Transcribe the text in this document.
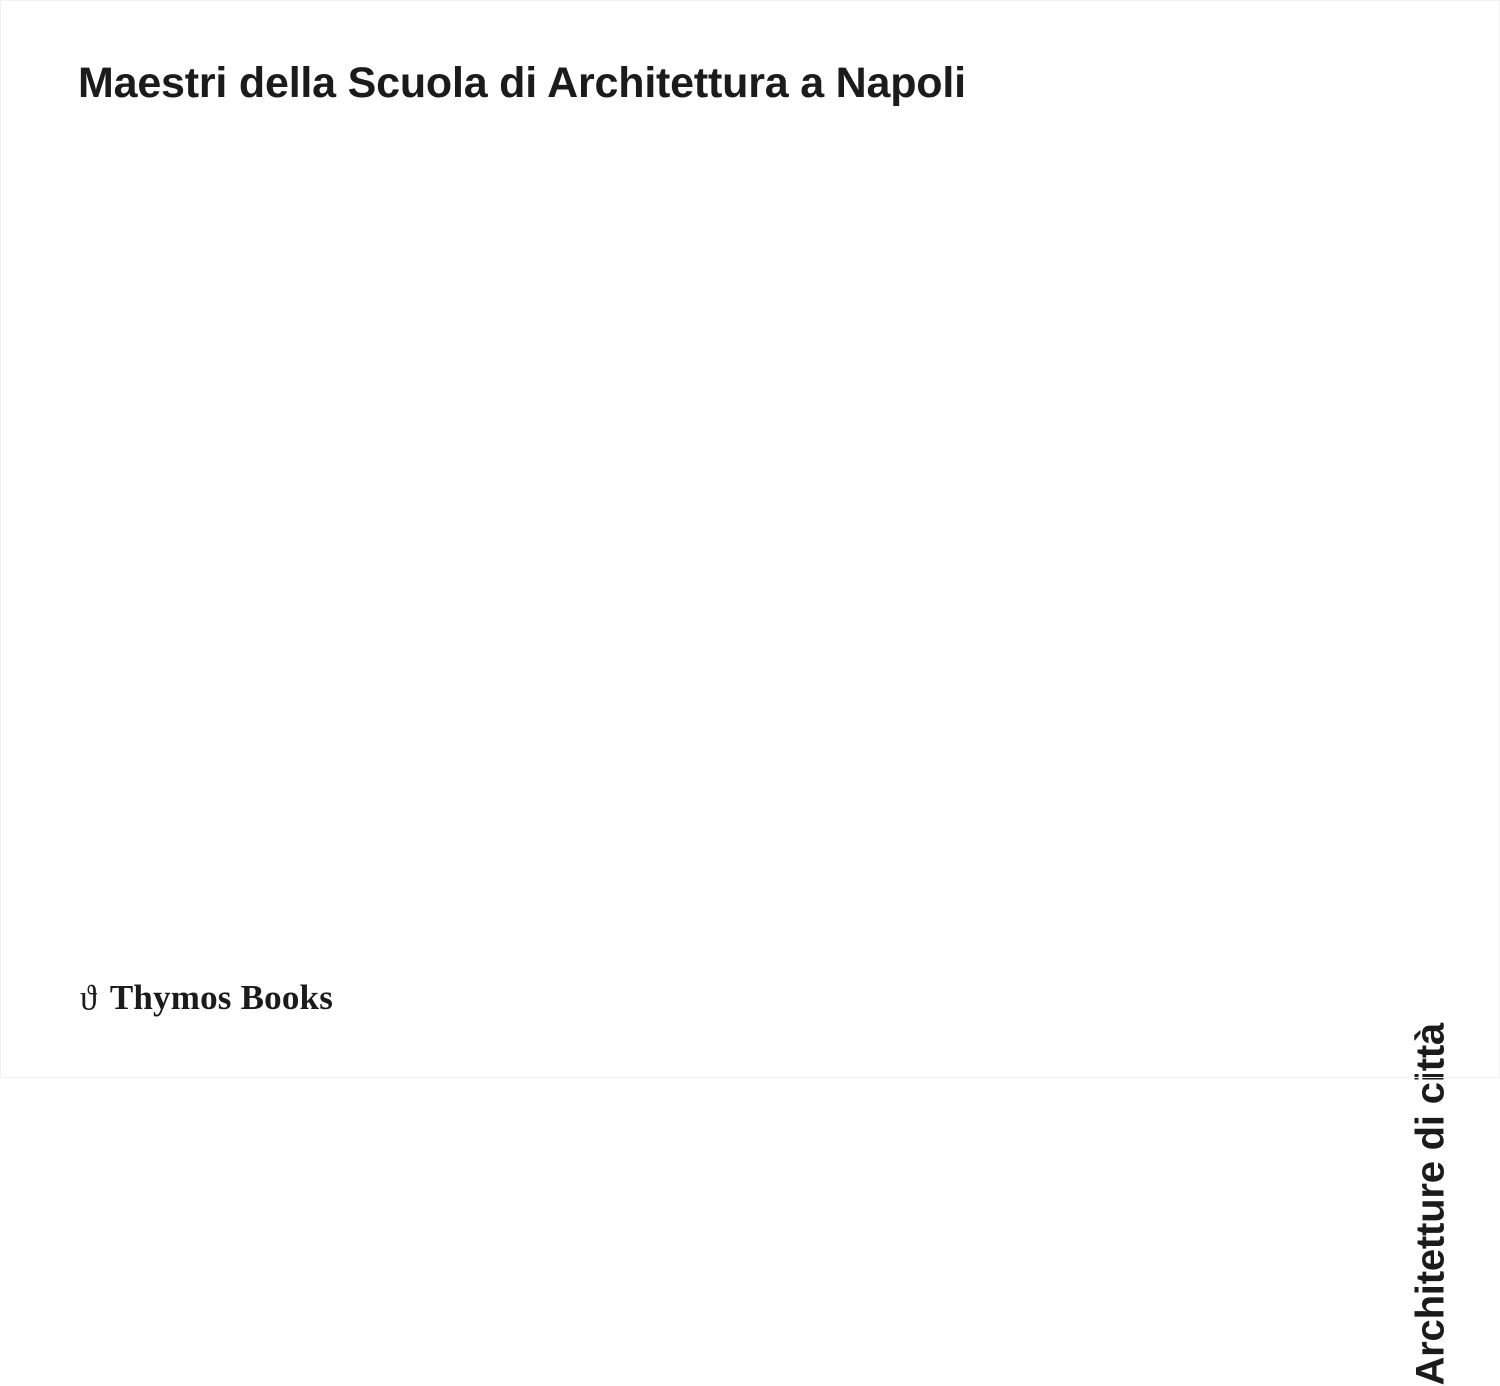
Maestri della Scuola di Architettura a Napoli
ϑ Thymos Books
Architetture di città
